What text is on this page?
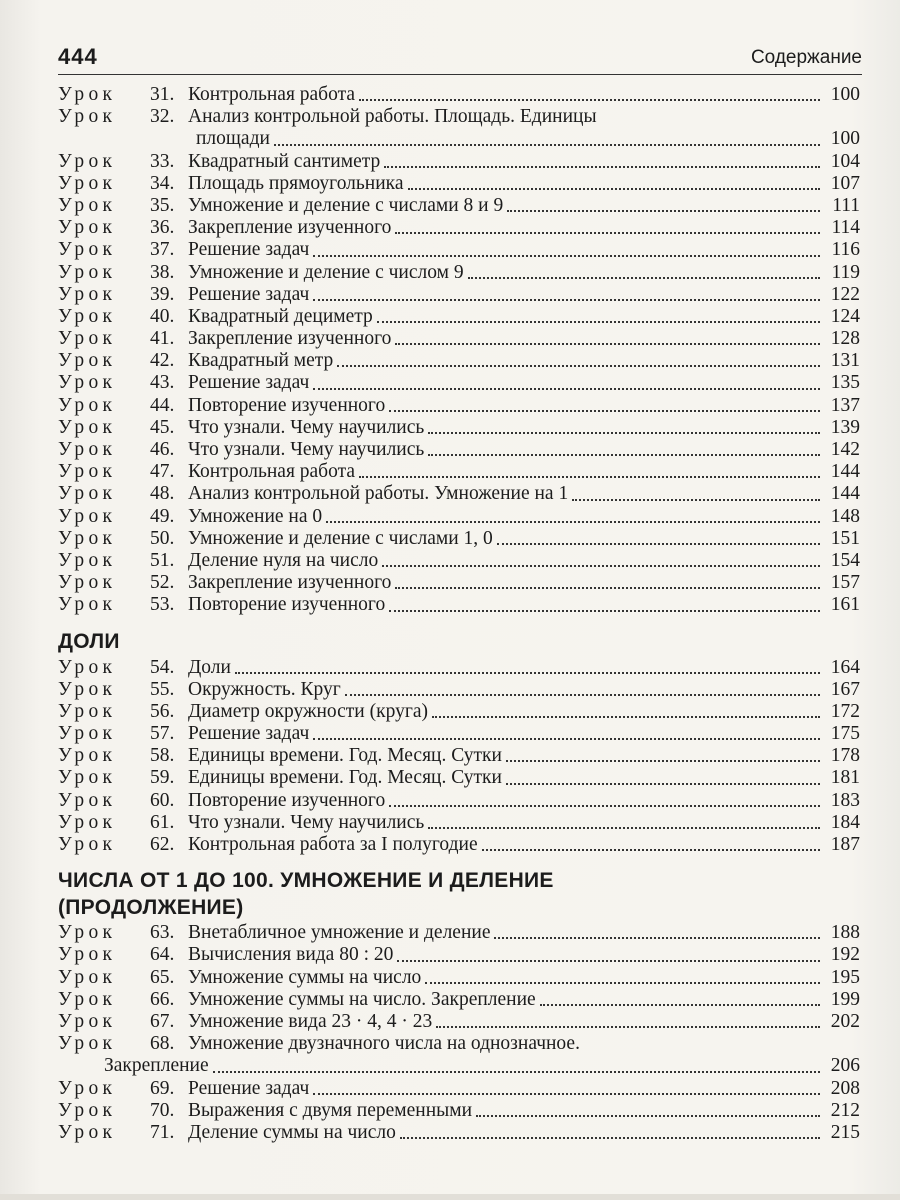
444	Содержание
Урок	31. Контрольная работа	100
Урок	32. Анализ контрольной работы. Площадь. Единицы
площади	100
Урок	33. Квадратный сантиметр	104
Урок	34. Площадь прямоугольника	107
Урок	35. Умножение и деление с числами 8 и 9	111
Урок	36. Закрепление изученного	114
Урок	37. Решение задач	116
Урок	38. Умножение и деление с числом 9	119
Урок	39. Решение задач	122
Урок	40. Квадратный дециметр	124
Урок	41. Закрепление изученного	128
Урок	42. Квадратный метр	131
Урок	43. Решение задач	135
Урок	44. Повторение изученного	137
Урок	45. Что узнали. Чему научились	139
Урок	46. Что узнали. Чему научились	142
Урок	47. Контрольная работа	144
Урок	48. Анализ контрольной работы. Умножение на 1	144
Урок	49. Умножение на 0	148
Урок	50. Умножение и деление с числами 1, 0	151
Урок	51. Деление нуля на число	154
Урок	52. Закрепление изученного	157
Урок	53. Повторение изученного	161
ДОЛИ
Урок	54. Доли	164
Урок	55. Окружность. Круг	167
Урок	56. Диаметр окружности (круга)	172
Урок	57. Решение задач	175
Урок	58. Единицы времени. Год. Месяц. Сутки	178
Урок	59. Единицы времени. Год. Месяц. Сутки	181
Урок	60. Повторение изученного	183
Урок	61. Что узнали. Чему научились	184
Урок	62. Контрольная работа за I полугодие	187
ЧИСЛА ОТ 1 ДО 100. УМНОЖЕНИЕ И ДЕЛЕНИЕ
(ПРОДОЛЖЕНИЕ)
Урок	63. Внетабличное умножение и деление	188
Урок	64. Вычисления вида 80 : 20	192
Урок	65. Умножение суммы на число	195
Урок	66. Умножение суммы на число. Закрепление	199
Урок	67. Умножение вида 23 · 4, 4 · 23	202
Урок	68. Умножение двузначного числа на однозначное.
Закрепление	206
Урок	69. Решение задач	208
Урок	70. Выражения с двумя переменными	212
Урок	71. Деление суммы на число	215
